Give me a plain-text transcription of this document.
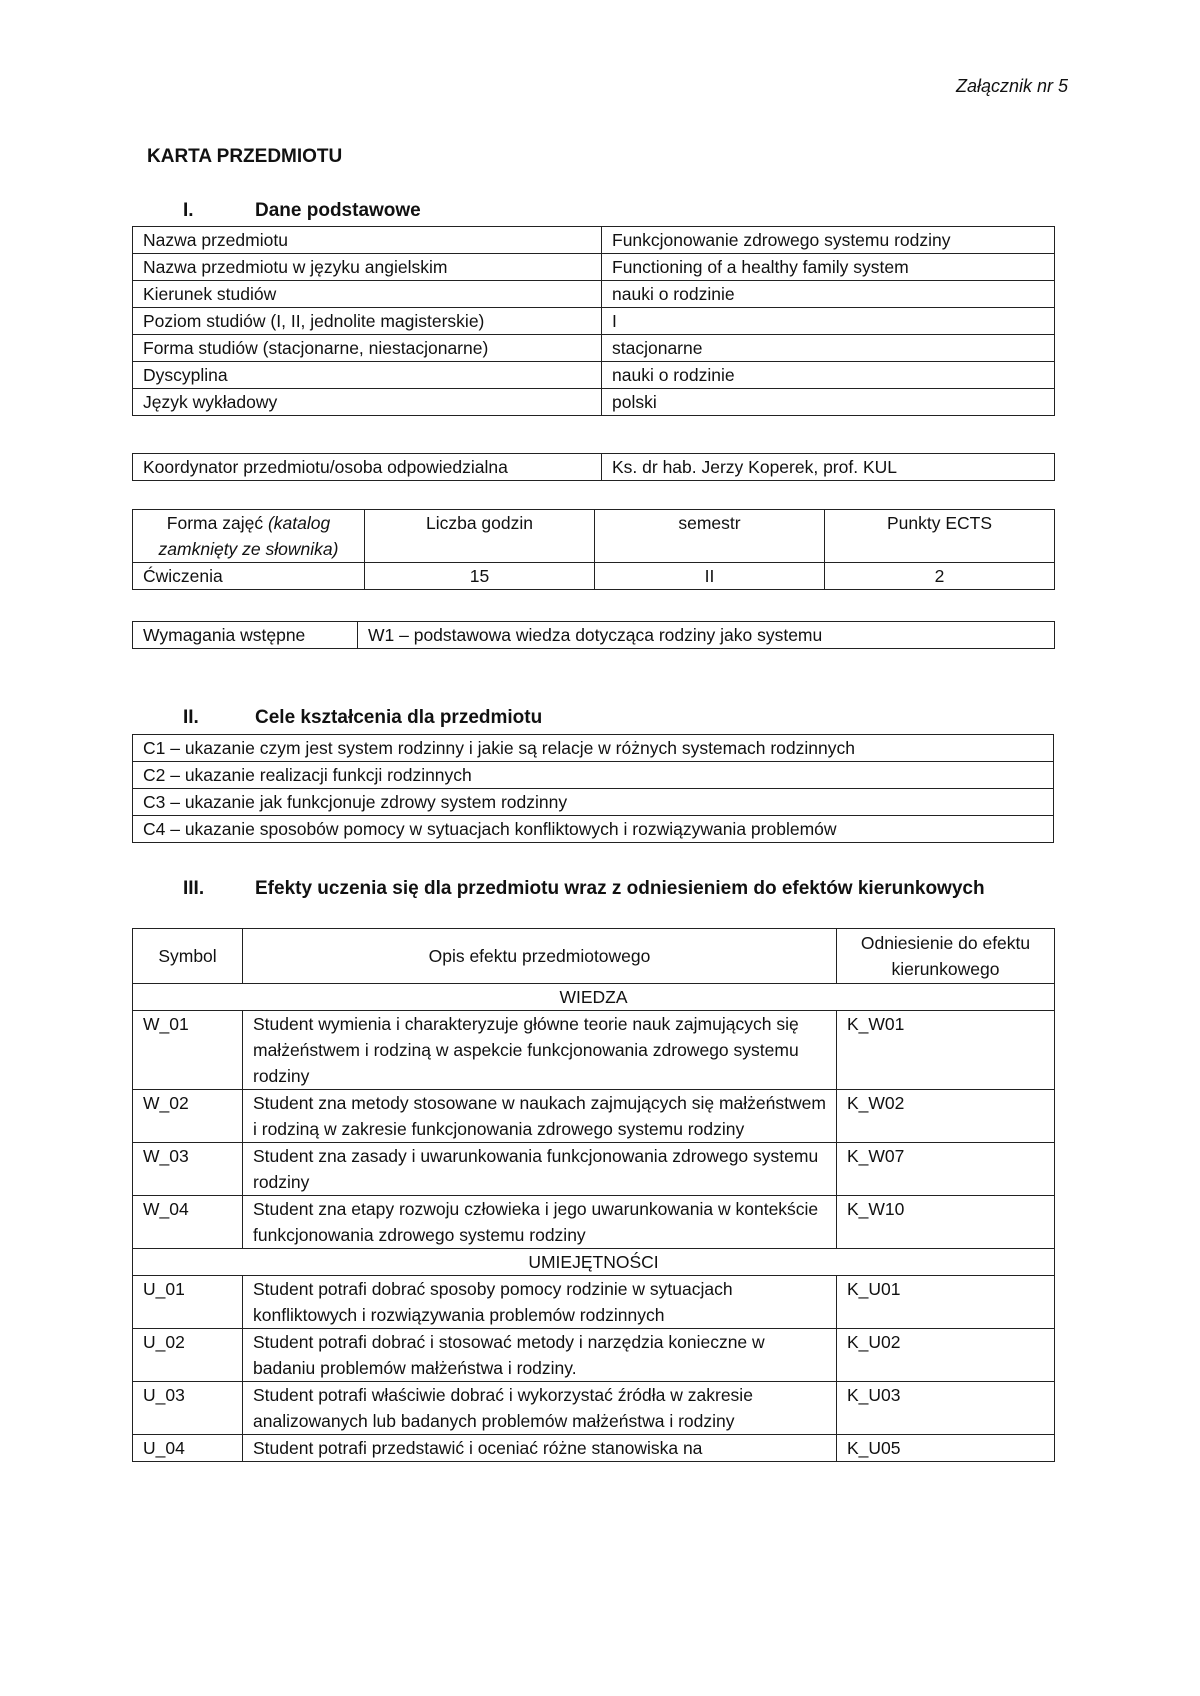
Załącznik nr 5
KARTA PRZEDMIOTU
I.	Dane podstawowe
Nazwa przedmiotu	Funkcjonowanie zdrowego systemu rodziny
Nazwa przedmiotu w języku angielskim	Functioning of a healthy family system
Kierunek studiów	nauki o rodzinie
Poziom studiów (I, II, jednolite magisterskie)	I
Forma studiów (stacjonarne, niestacjonarne)	stacjonarne
Dyscyplina	nauki o rodzinie
Język wykładowy	polski
Koordynator przedmiotu/osoba odpowiedzialna	Ks. dr hab. Jerzy Koperek, prof. KUL
Forma zajęć (katalog zamknięty ze słownika)	Liczba godzin	semestr	Punkty ECTS
Ćwiczenia	15	II	2
Wymagania wstępne	W1 – podstawowa wiedza dotycząca rodziny jako systemu
II.	Cele kształcenia dla przedmiotu
C1 – ukazanie czym jest system rodzinny i jakie są relacje w różnych systemach rodzinnych
C2 – ukazanie realizacji funkcji rodzinnych
C3 – ukazanie jak funkcjonuje zdrowy system rodzinny
C4 – ukazanie sposobów pomocy w sytuacjach konfliktowych i rozwiązywania problemów
III.	Efekty uczenia się dla przedmiotu wraz z odniesieniem do efektów kierunkowych
Symbol	Opis efektu przedmiotowego	Odniesienie do efektu kierunkowego
WIEDZA		
W_01	Student wymienia i charakteryzuje główne teorie nauk zajmujących się małżeństwem i rodziną w aspekcie funkcjonowania zdrowego systemu rodziny	K_W01
W_02	Student zna metody stosowane w naukach zajmujących się małżeństwem i rodziną w zakresie funkcjonowania zdrowego systemu rodziny	K_W02
W_03	Student zna zasady i uwarunkowania funkcjonowania zdrowego systemu rodziny	K_W07
W_04	Student zna etapy rozwoju człowieka i jego uwarunkowania w kontekście funkcjonowania zdrowego systemu rodziny	K_W10
UMIEJĘTNOŚCI		
U_01	Student potrafi dobrać sposoby pomocy rodzinie w sytuacjach konfliktowych i rozwiązywania problemów rodzinnych	K_U01
U_02	Student potrafi dobrać i stosować metody i narzędzia konieczne w badaniu problemów małżeństwa i rodziny.	K_U02
U_03	Student potrafi właściwie dobrać i wykorzystać źródła w zakresie analizowanych lub badanych problemów małżeństwa i rodziny	K_U03
U_04	Student potrafi przedstawić i oceniać różne stanowiska na	K_U05
